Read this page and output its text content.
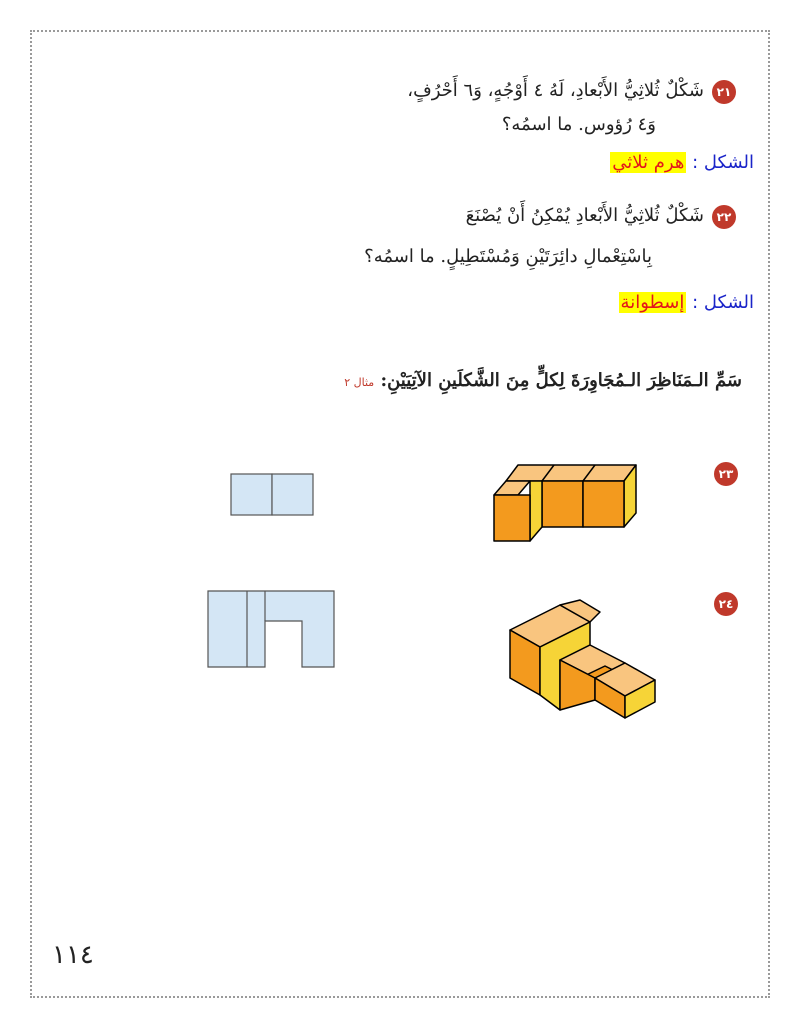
٢١
شَكْلٌ ثُلاثِيُّ الأَبْعادِ، لَهُ ٤ أَوْجُهٍ، وَ٦ أَحْرُفٍ،
وَ٤ رُؤوس. ما اسمُه؟
الشكل : هرم ثلاثي
٢٢
شَكْلٌ ثُلاثِيُّ الأَبْعادِ يُمْكِنُ أَنْ يُصْنَعَ
بِاسْتِعْمالِ دائِرَتَيْنِ وَمُسْتَطِيلٍ. ما اسمُه؟
الشكل : إسطوانة
سَمِّ الـمَنَاظِرَ الـمُجَاوِرَةَ لِكلٍّ مِنَ الشَّكلَينِ الآتِيَيْنِ: مثال ٢
٢٣
٢٤
١١٤
